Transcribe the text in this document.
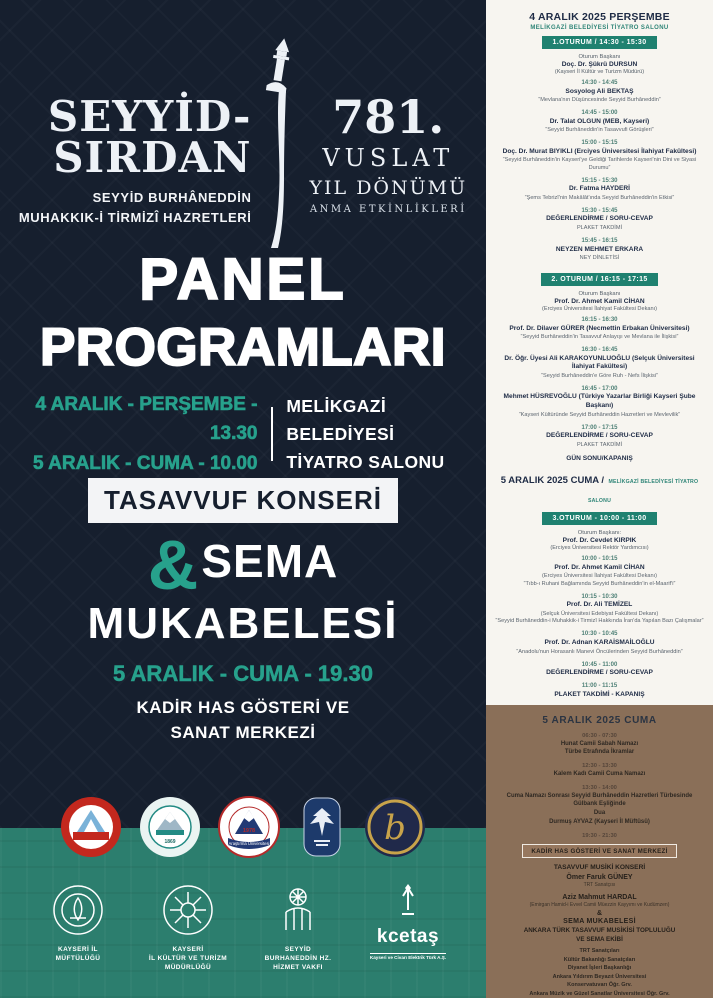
SEYYİD-
SIRDAN
SEYYİD BURHÂNEDDİN
MUHAKKIK-İ TİRMİZÎ HAZRETLERİ
781.
VUSLAT
YIL DÖNÜMÜ
ANMA ETKİNLİKLERİ
PANEL
PROGRAMLARI
4 ARALIK - PERŞEMBE - 13.30
5 ARALIK - CUMA - 10.00
MELİKGAZİ BELEDİYESİ
TİYATRO SALONU
TASAVVUF KONSERİ
&SEMA
MUKABELESİ
5 ARALIK - CUMA - 19.30
KADİR HAS GÖSTERİ VE
SANAT MERKEZİ
1869
1978
Araştırma Üniversitesi	b
KAYSERİ İL
MÜFTÜLÜĞÜ
KAYSERİ
İL KÜLTÜR VE TURİZM
MÜDÜRLÜĞÜ
SEYYİD
BURHANEDDİN HZ.
HİZMET VAKFI
kcetaş
Kayseri ve Civarı Elektrik Türk A.Ş.
4 ARALIK 2025 PERŞEMBE
MELİKGAZİ BELEDİYESİ TİYATRO SALONU
1.OTURUM / 14:30 - 15:30
Oturum Başkanı
Doç. Dr. Şükrü DURSUN
(Kayseri İl Kültür ve Turizm Müdürü)
14:30 - 14:45
Sosyolog Ali BEKTAŞ
“Mevlana'nın Düşüncesinde Seyyid Burhâneddin”
14:45 - 15:00
Dr. Talat OLGUN (MEB, Kayseri)
“Seyyid Burhâneddin'in Tasavvufi Görüşleri”
15:00 - 15:15
Doç. Dr. Murat BIYIKLI (Erciyes Üniversitesi İlahiyat Fakültesi)
“Seyyid Burhâneddin'in Kayseri'ye Geldiği Tarihlerde Kayseri'nin Dini ve Siyasi Durumu”
15:15 - 15:30
Dr. Fatma HAYDERİ
“Şems Tebrizî'nin Makâlât'ında Seyyid Burhâneddin'in Etkisi”
15:30 - 15:45
DEĞERLENDİRME / SORU-CEVAP
PLAKET TAKDİMİ
15:45 - 16:15
NEYZEN MEHMET ERKARA
NEY DİNLETİSİ
2. OTURUM / 16:15 - 17:15
Oturum Başkanı
Prof. Dr. Ahmet Kamil CİHAN
(Erciyes Üniversitesi İlahiyat Fakültesi Dekanı)
16:15 - 16:30
Prof. Dr. Dilaver GÜRER (Necmettin Erbakan Üniversitesi)
“Seyyid Burhâneddin'in Tasavvuf Anlayışı ve Mevlana ile İlişkisi”
16:30 - 16:45
Dr. Öğr. Üyesi Ali KARAKOYUNLUOĞLU (Selçuk Üniversitesi İlahiyat Fakültesi)
“Seyyid Burhâneddin'e Göre Ruh - Nefs İlişkisi”
16:45 - 17:00
Mehmet HÜSREVOĞLU (Türkiye Yazarlar Birliği Kayseri Şube Başkanı)
“Kayseri Kültüründe Seyyid Burhâneddin Hazretleri ve Mevlevilik”
17:00 - 17:15
DEĞERLENDİRME / SORU-CEVAP
PLAKET TAKDİMİ
GÜN SONU/KAPANIŞ
5 ARALIK 2025 CUMA / MELİKGAZİ BELEDİYESİ TİYATRO SALONU
3.OTURUM - 10:00 - 11:00
Oturum Başkanı:
Prof. Dr. Cevdet KIRPIK
(Erciyes Üniversitesi Rektör Yardımcısı)
10:00 - 10:15
Prof. Dr. Ahmet Kamil CİHAN
(Erciyes Üniversitesi İlahiyat Fakültesi Dekanı)
“Tıbb-ı Ruhani Bağlamında Seyyid Burhâneddin'in el-Maarif'i”
10:15 - 10:30
Prof. Dr. Ali TEMİZEL
(Selçuk Üniversitesi Edebiyat Fakültesi Dekanı)
“Seyyid Burhâneddin-i Muhakkik-i Tirmizî Hakkında İran'da Yapılan Bazı Çalışmalar”
10:30 - 10:45
Prof. Dr. Adnan KARAİSMAİLOĞLU
“Anadolu'nun Horasanlı Manevi Öncülerinden Seyyid Burhâneddin”
10:45 - 11:00
DEĞERLENDİRME / SORU-CEVAP
11:00 - 11:15
PLAKET TAKDİMİ - KAPANIŞ
5 ARALIK 2025 CUMA
06:30 - 07:30
Hunat Camii Sabah Namazı
Türbe Etrafında İkramlar
12:30 - 13:30
Kalem Kadı Camii Cuma Namazı
13:30 - 14:00
Cuma Namazı Sonrası Seyyid Burhâneddin Hazretleri Türbesinde
Gülbank Eşliğinde
Dua
Durmuş AYVAZ (Kayseri İl Müftüsü)
19:30 - 21:30
KADİR HAS GÖSTERİ VE SANAT MERKEZİ
TASAVVUF MUSİKİ KONSERİ
Ömer Faruk GÜNEY
TRT Sanatçısı
Aziz Mahmut HARDAL
(Emirgan Hamid-i Evvel Camii Müezzin Kayyımı ve Kudümzen)
&
SEMA MUKABELESİ
ANKARA TÜRK TASAVVUF MUSİKİSİ TOPLULUĞU
VE SEMA EKİBİ
TRT Sanatçıları
Kültür Bakanlığı Sanatçıları
Diyanet İşleri Başkanlığı
Ankara Yıldırım Beyazıt Üniversitesi
Konservatuvarı Öğr. Grv.
Ankara Müzik ve Güzel Sanatlar Üniversitesi Öğr. Grv.
